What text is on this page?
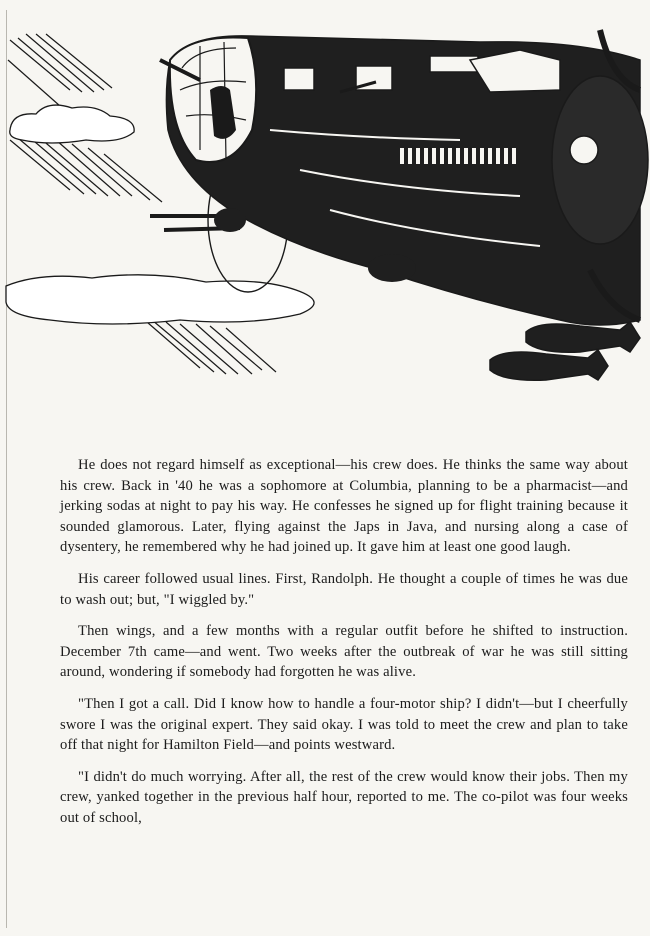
He does not regard himself as exceptional—his crew does. He thinks the same way about his crew. Back in '40 he was a sophomore at Columbia, planning to be a pharmacist—and jerking sodas at night to pay his way. He confesses he signed up for flight training because it sounded glamorous. Later, flying against the Japs in Java, and nursing along a case of dysentery, he remembered why he had joined up. It gave him at least one good laugh.

His career followed usual lines. First, Randolph. He thought a couple of times he was due to wash out; but, "I wiggled by."

Then wings, and a few months with a regular outfit before he shifted to instruction. December 7th came—and went. Two weeks after the outbreak of war he was still sitting around, wondering if somebody had forgotten he was alive.

"Then I got a call. Did I know how to handle a four-motor ship? I didn't—but I cheerfully swore I was the original expert. They said okay. I was told to meet the crew and plan to take off that night for Hamilton Field—and points westward.

"I didn't do much worrying. After all, the rest of the crew would know their jobs. Then my crew, yanked together in the previous half hour, reported to me. The co-pilot was four weeks out of school,
